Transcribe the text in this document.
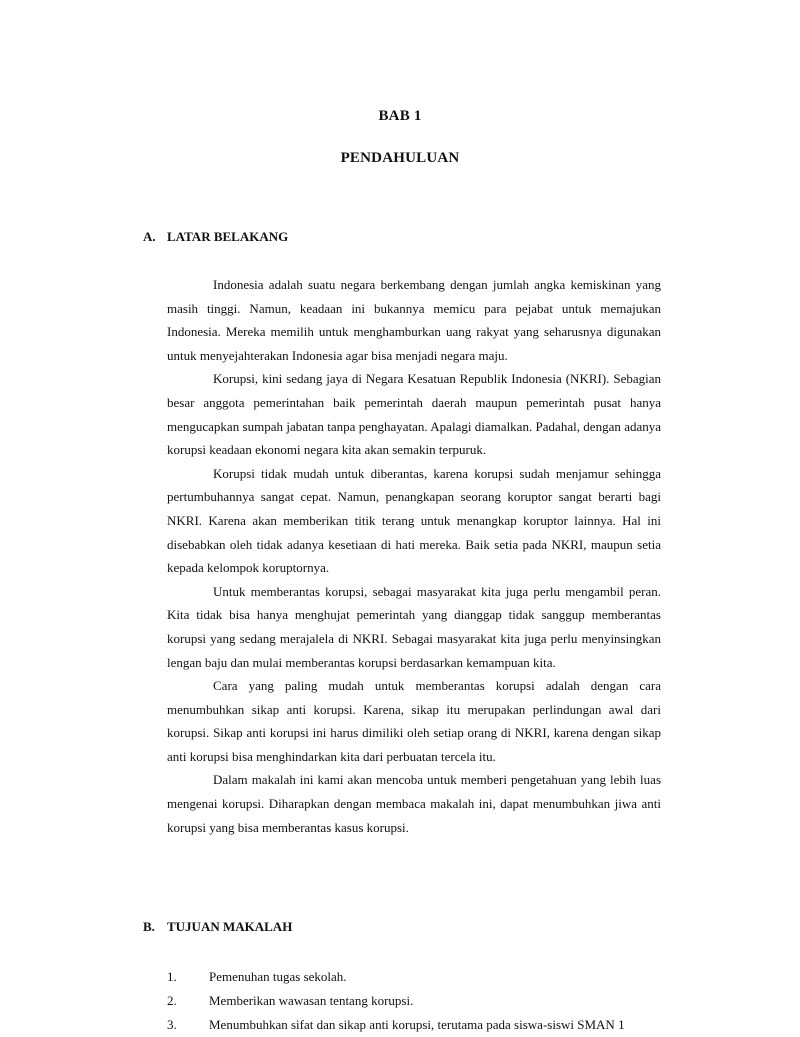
BAB 1
PENDAHULUAN
A. LATAR BELAKANG

Indonesia adalah suatu negara berkembang dengan jumlah angka kemiskinan yang masih tinggi. Namun, keadaan ini bukannya memicu para pejabat untuk memajukan Indonesia. Mereka memilih untuk menghamburkan uang rakyat yang seharusnya digunakan untuk menyejahterakan Indonesia agar bisa menjadi negara maju.

Korupsi, kini sedang jaya di Negara Kesatuan Republik Indonesia (NKRI). Sebagian besar anggota pemerintahan baik pemerintah daerah maupun pemerintah pusat hanya mengucapkan sumpah jabatan tanpa penghayatan. Apalagi diamalkan. Padahal, dengan adanya korupsi keadaan ekonomi negara kita akan semakin terpuruk.

Korupsi tidak mudah untuk diberantas, karena korupsi sudah menjamur sehingga pertumbuhannya sangat cepat. Namun, penangkapan seorang koruptor sangat berarti bagi NKRI. Karena akan memberikan titik terang untuk menangkap koruptor lainnya. Hal ini disebabkan oleh tidak adanya kesetiaan di hati mereka. Baik setia pada NKRI, maupun setia kepada kelompok koruptornya.

Untuk memberantas korupsi, sebagai masyarakat kita juga perlu mengambil peran. Kita tidak bisa hanya menghujat pemerintah yang dianggap tidak sanggup memberantas korupsi yang sedang merajalela di NKRI. Sebagai masyarakat kita juga perlu menyinsingkan lengan baju dan mulai memberantas korupsi berdasarkan kemampuan kita.

Cara yang paling mudah untuk memberantas korupsi adalah dengan cara menumbuhkan sikap anti korupsi. Karena, sikap itu merupakan perlindungan awal dari korupsi. Sikap anti korupsi ini harus dimiliki oleh setiap orang di NKRI, karena dengan sikap anti korupsi bisa menghindarkan kita dari perbuatan tercela itu.

Dalam makalah ini kami akan mencoba untuk memberi pengetahuan yang lebih luas mengenai korupsi. Diharapkan dengan membaca makalah ini, dapat menumbuhkan jiwa anti korupsi yang bisa memberantas kasus korupsi.

B. TUJUAN MAKALAH
1. Pemenuhan tugas sekolah.
2. Memberikan wawasan tentang korupsi.
3. Menumbuhkan sifat dan sikap anti korupsi, terutama pada siswa-siswi SMAN 1
